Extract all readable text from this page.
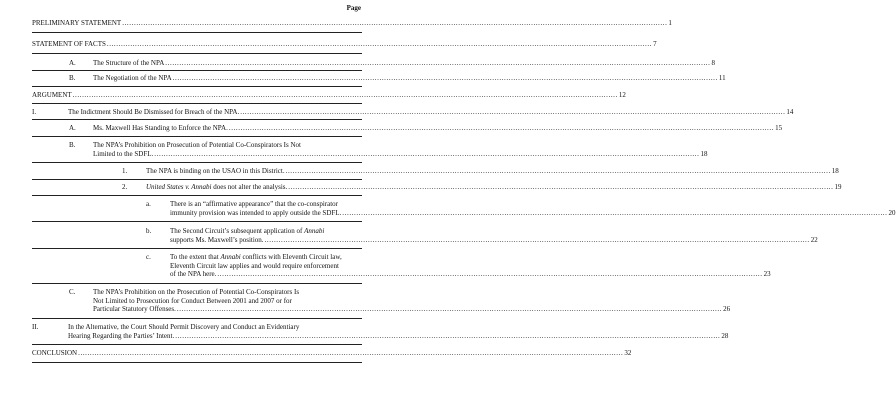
Page
PRELIMINARY STATEMENT .....	1
STATEMENT OF FACTS .....	7
A. The Structure of the NPA .....	8
B.	The Negotiation of the NPA .....	11
ARGUMENT .....	12
I.	The Indictment Should Be Dismissed for Breach of the NPA. .....	14
A. Ms. Maxwell Has Standing to Enforce the NPA. .....	15
B.	The NPA’s Prohibition on Prosecution of Potential Co-Conspirators Is Not
Limited to the SDFL. .....	18
1.	The NPA is binding on the USAO in this District. .....	18
2.	United States v. Annabi does not alter the analysis. .....	19
a.	There is an “affirmative appearance” that the co-conspirator
immunity provision was intended to apply outside the SDFL. .....	20
b.	The Second Circuit’s subsequent application of Annabi
supports Ms. Maxwell’s position. .....	22
c.	To the extent that Annabi conflicts with Eleventh Circuit law,
Eleventh Circuit law applies and would require enforcement
of the NPA here. .....	23
C.	The NPA’s Prohibition on the Prosecution of Potential Co-Conspirators Is
Not Limited to Prosecution for Conduct Between 2001 and 2007 or for
Particular Statutory Offenses. .....	26
II.	In the Alternative, the Court Should Permit Discovery and Conduct an Evidentiary
Hearing Regarding the Parties’ Intent. .....	28
CONCLUSION .....	32
